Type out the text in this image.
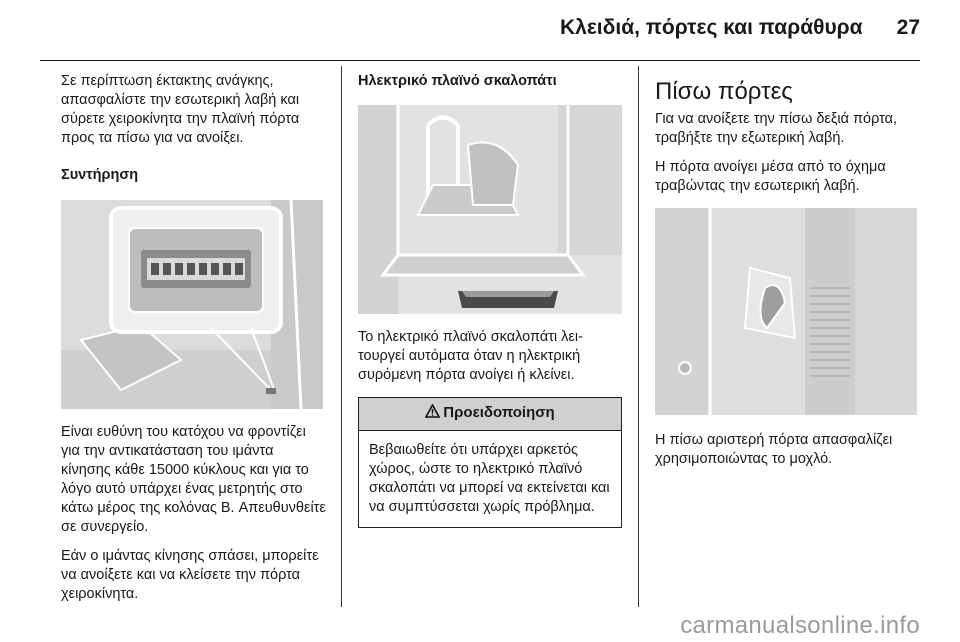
Κλειδιά, πόρτες και παράθυρα 27

Σε περίπτωση έκτακτης ανάγκης, απασφαλίστε την εσωτερική λαβή και σύρετε χειροκίνητα την πλαϊνή πόρτα προς τα πίσω για να ανοίξει.

Συντήρηση

Είναι ευθύνη του κατόχου να φροντίζει για την αντικατάσταση του ιμάντα κίνησης κάθε 15000 κύκλους και για το λόγο αυτό υπάρχει ένας μετρητής στο κάτω μέρος της κολόνας B. Απευθυνθείτε σε συνεργείο.

Εάν ο ιμάντας κίνησης σπάσει, μπορείτε να ανοίξετε και να κλείσετε την πόρτα χειροκίνητα.

Ηλεκτρικό πλαϊνό σκαλοπάτι

Το ηλεκτρικό πλαϊνό σκαλοπάτι λειτουργεί αυτόματα όταν η ηλεκτρική συρόμενη πόρτα ανοίγει ή κλείνει.

Προειδοποίηση

Βεβαιωθείτε ότι υπάρχει αρκετός χώρος, ώστε το ηλεκτρικό πλαϊνό σκαλοπάτι να μπορεί να εκτείνεται και να συμπτύσσεται χωρίς πρόβλημα.

Πίσω πόρτες

Για να ανοίξετε την πίσω δεξιά πόρτα, τραβήξτε την εξωτερική λαβή.

Η πόρτα ανοίγει μέσα από το όχημα τραβώντας την εσωτερική λαβή.

Η πίσω αριστερή πόρτα απασφαλίζει χρησιμοποιώντας το μοχλό.

carmanualsonline.info
